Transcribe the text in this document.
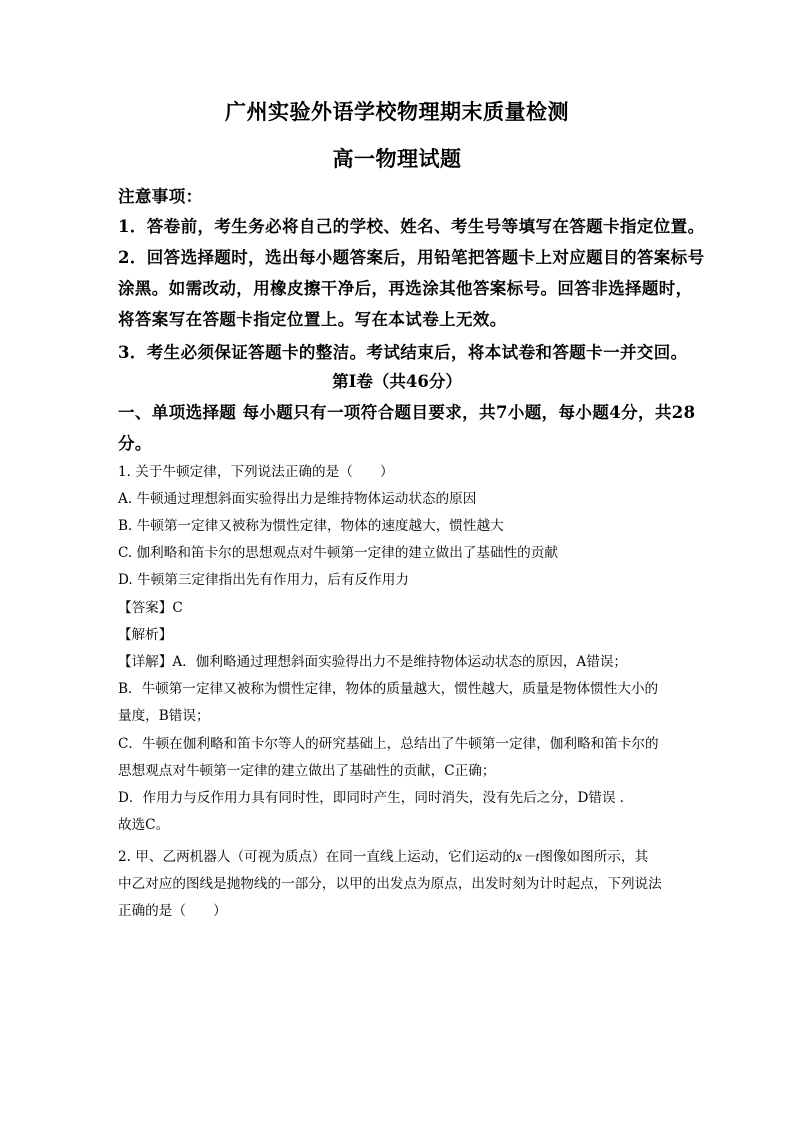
广州实验外语学校物理期末质量检测
高一物理试题
注意事项：
1．答卷前，考生务必将自己的学校、姓名、考生号等填写在答题卡指定位置。
2．回答选择题时，选出每小题答案后，用铅笔把答题卡上对应题目的答案标号
涂黑。如需改动，用橡皮擦干净后，再选涂其他答案标号。回答非选择题时，
将答案写在答题卡指定位置上。写在本试卷上无效。
3．考生必须保证答题卡的整洁。考试结束后，将本试卷和答题卡一并交回。
第Ⅰ卷（共46分）
一、单项选择题 每小题只有一项符合题目要求，共7小题，每小题4分，共28
分。
1. 关于牛顿定律，下列说法正确的是（　　）
A. 牛顿通过理想斜面实验得出力是维持物体运动状态的原因
B. 牛顿第一定律又被称为惯性定律，物体的速度越大，惯性越大
C. 伽利略和笛卡尔的思想观点对牛顿第一定律的建立做出了基础性的贡献
D. 牛顿第三定律指出先有作用力，后有反作用力
【答案】C
【解析】
【详解】A．伽利略通过理想斜面实验得出力不是维持物体运动状态的原因，A错误；
B．牛顿第一定律又被称为惯性定律，物体的质量越大，惯性越大，质量是物体惯性大小的
量度，B错误；
C．牛顿在伽利略和笛卡尔等人的研究基础上，总结出了牛顿第一定律，伽利略和笛卡尔的
思想观点对牛顿第一定律的建立做出了基础性的贡献，C正确；
D．作用力与反作用力具有同时性，即同时产生，同时消失，没有先后之分，D错误 .
故选C。
2. 甲、乙两机器人（可视为质点）在同一直线上运动，它们运动的x－t图像如图所示，其
中乙对应的图线是抛物线的一部分，以甲的出发点为原点，出发时刻为计时起点，下列说法
正确的是（　　）
